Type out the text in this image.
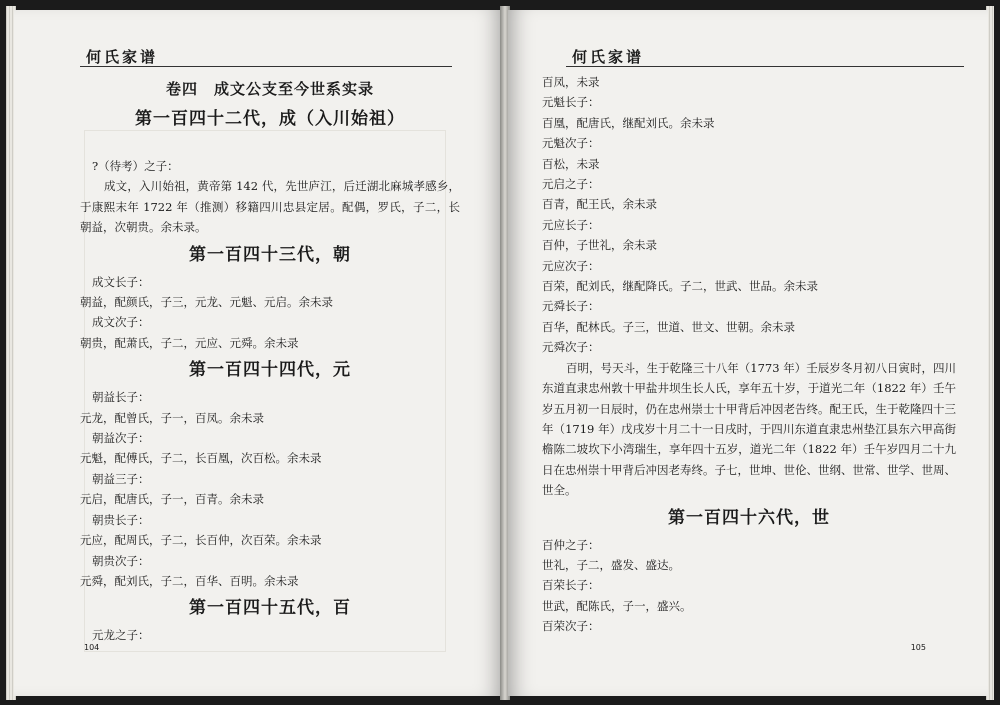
何氏家谱
卷四　成文公支至今世系实录
第一百四十二代，成（入川始祖）
?（待考）之子：
成文，入川始祖，黄帝第 142 代，先世庐江，后迁湖北麻城孝感乡，于康熙末年 1722 年（推测）移籍四川忠县定居。配偶，罗氏，子二，长朝益，次朝贵。余未录。
第一百四十三代，朝
成文长子：
朝益，配颜氏，子三，元龙、元魁、元启。余未录
成文次子：
朝贵，配萧氏，子二，元应、元舜。余未录
第一百四十四代，元
朝益长子：
元龙，配曾氏，子一，百凤。余未录
朝益次子：
元魁，配傅氏，子二，长百凰，次百松。余未录
朝益三子：
元启，配唐氏，子一，百青。余未录
朝贵长子：
元应，配周氏，子二，长百仲，次百荣。余未录
朝贵次子：
元舜，配刘氏，子二，百华、百明。余未录
第一百四十五代，百
元龙之子：
104
何氏家谱
百凤，未录
元魁长子：
百凰，配唐氏，继配刘氏。余未录
元魁次子：
百松，未录
元启之子：
百青，配王氏，余未录
元应长子：
百仲，子世礼，余未录
元应次子：
百荣，配刘氏，继配降氏。子二，世武、世品。余未录
元舜长子：
百华，配林氏。子三，世道、世文、世朝。余未录
元舜次子：
百明，号天斗，生于乾隆三十八年（1773 年）壬辰岁冬月初八日寅时，四川东道直隶忠州敦十甲盐井坝生长人氏，享年五十岁，于道光二年（1822 年）壬午岁五月初一日辰时，仍在忠州崇士十甲背后冲因老告终。配王氏，生于乾隆四十三年（1719 年）戊戌岁十月二十一日戌时，于四川东道直隶忠州垫江县东六甲高街檐陈二坡坎下小湾瑞生，享年四十五岁，道光二年（1822 年）壬午岁四月二十九日在忠州崇十甲背后冲因老寿终。子七，世坤、世伦、世纲、世常、世学、世周、世全。
第一百四十六代，世
百仲之子：
世礼，子二，盛发、盛达。
百荣长子：
世武，配陈氏，子一，盛兴。
百荣次子：
105
